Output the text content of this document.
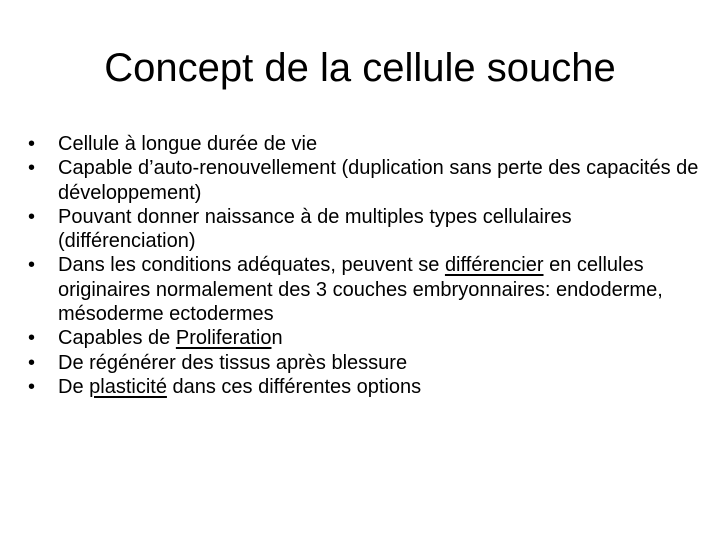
Concept de la cellule souche
•	Cellule à longue durée de vie
•	Capable d’auto-renouvellement (duplication sans perte des capacités de développement)
•	Pouvant donner naissance à de multiples types cellulaires (différenciation)
•	Dans les conditions adéquates, peuvent se différencier en cellules originaires normalement des 3 couches embryonnaires: endoderme, mésoderme ectodermes
•	Capables de Proliferation
•	De régénérer des tissus après blessure
•	De plasticité dans ces différentes options
